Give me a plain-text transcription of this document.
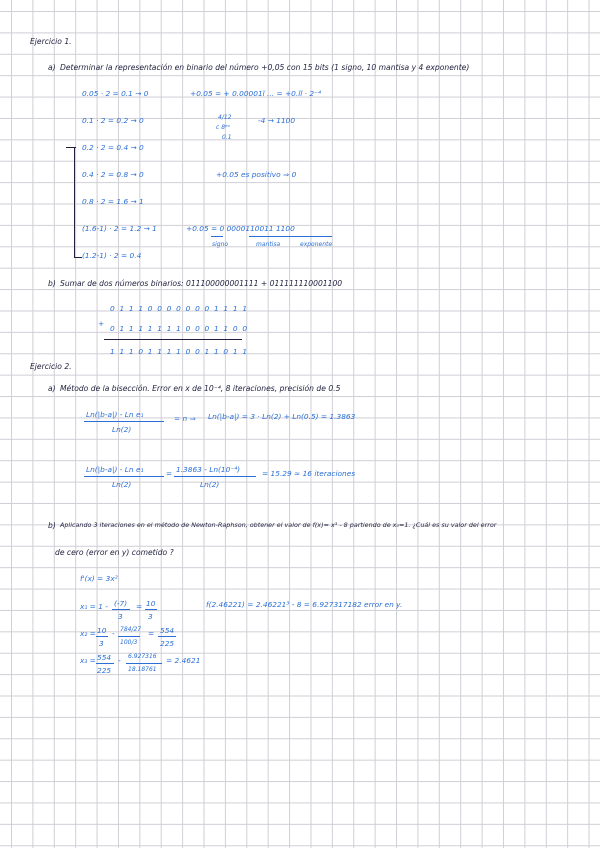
Ejercicio 1.
a) Determinar la representación en binario del número +0,05 con 15 bits (1 signo, 10 mantisa y 4 exponente)
0.05 · 2 = 0.1 → 0
0.1 · 2 = 0.2 → 0
0.2 · 2 = 0.4 → 0
0.4 · 2 = 0.8 → 0
0.8 · 2 = 1.6 → 1
(1.6-1) · 2 = 1.2 → 1
(1.2-1) · 2 = 0.4
+0.05 = + 0.00001ĭ ... = +0.ĭĭ · 2⁻⁴
4/12
c 8ᵉᵒ
0.1
-4 → 1100
+0.05 es positivo ⇒ 0
+0.05 = 0 0000110011 1100
signo	mantisa	exponente
b) Sumar de dos números binarios: 011100000001111 + 011111110001100
0 1 1 1 0 0 0 0 0 0 0 1 1 1 1
+
0 1 1 1 1 1 1 1 0 0 0 1 1 0 0
1 1 1 0 1 1 1 1 0 0 1 1 0 1 1
Ejercicio 2.
a) Método de la bisección. Error en x de 10⁻⁴, 8 iteraciones, precisión de 0.5
Ln(|b-a|) - Ln e₁
Ln(2)
= n ⇒ Ln(|b-a|) = 3 · Ln(2) + Ln(0.5) = 1.3863
Ln(|b-a|) - Ln e₁
Ln(2)
= 1.3863 - Ln(10⁻⁴)
Ln(2)
= 15.29 ≈ 16 iteraciones
b) Aplicando 3 iteraciones en el método de Newton-Raphson, obtener el valor de f(x)= x³ - 8 partiendo de x₀=1. ¿Cuál es su valor del error
de cero (error en y) cometido ?
f'(x) = 3x²
x₁ = 1 - (-7)
3
= 10
3
x₂ = 10
3
- 784/27
100/3
= 554
225
x₃ = 554
225
- 6.927316
18.18761
= 2.4621
f(2.46221) = 2.46221³ - 8 = 6.927317182 error en y.
